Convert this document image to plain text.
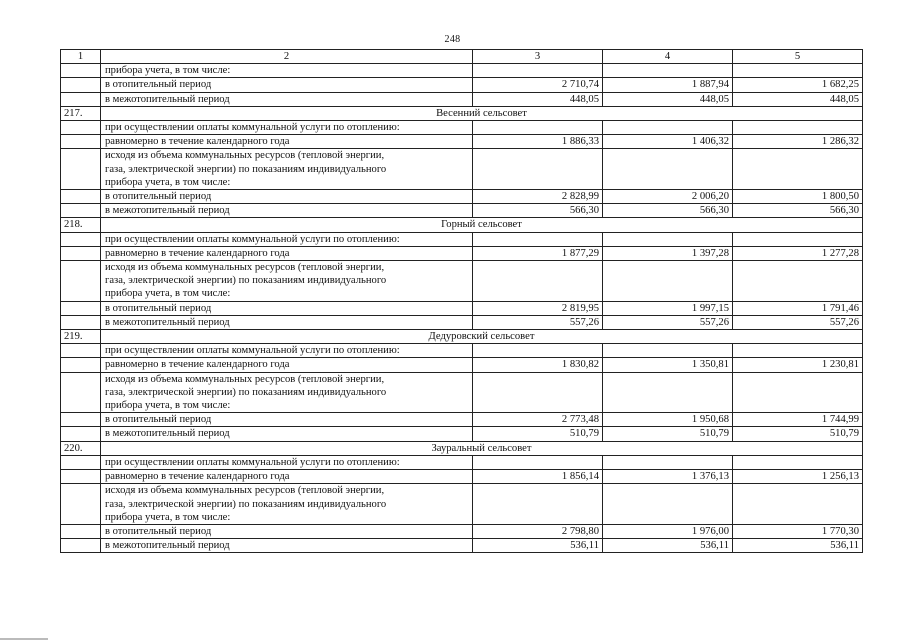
248
1	2	3	4	5
	прибора учета, в том числе:			
	в отопительный период	2 710,74	1 887,94	1 682,25
	в межотопительный период	448,05	448,05	448,05
217.	Весенний сельсовет			
	при осуществлении оплаты коммунальной услуги по отоплению:			
	равномерно в течение календарного года	1 886,33	1 406,32	1 286,32

	исходя из объема коммунальных ресурсов (тепловой энергии,
газа, электрической энергии) по показаниям индивидуального
прибора учета, в том числе:			

	в отопительный период	2 828,99	2 006,20	1 800,50
	в межотопительный период	566,30	566,30	566,30
218.	Горный сельсовет			
	при осуществлении оплаты коммунальной услуги по отоплению:			
	равномерно в течение календарного года	1 877,29	1 397,28	1 277,28

	исходя из объема коммунальных ресурсов (тепловой энергии,
газа, электрической энергии) по показаниям индивидуального
прибора учета, в том числе:			

	в отопительный период	2 819,95	1 997,15	1 791,46
	в межотопительный период	557,26	557,26	557,26
219.	Дедуровский сельсовет			
	при осуществлении оплаты коммунальной услуги по отоплению:			
	равномерно в течение календарного года	1 830,82	1 350,81	1 230,81

	исходя из объема коммунальных ресурсов (тепловой энергии,
газа, электрической энергии) по показаниям индивидуального
прибора учета, в том числе:			

	в отопительный период	2 773,48	1 950,68	1 744,99
	в межотопительный период	510,79	510,79	510,79
220.	Зауральный сельсовет			
	при осуществлении оплаты коммунальной услуги по отоплению:			
	равномерно в течение календарного года	1 856,14	1 376,13	1 256,13

	исходя из объема коммунальных ресурсов (тепловой энергии,
газа, электрической энергии) по показаниям индивидуального
прибора учета, в том числе:			

	в отопительный период	2 798,80	1 976,00	1 770,30
	в межотопительный период	536,11	536,11	536,11
